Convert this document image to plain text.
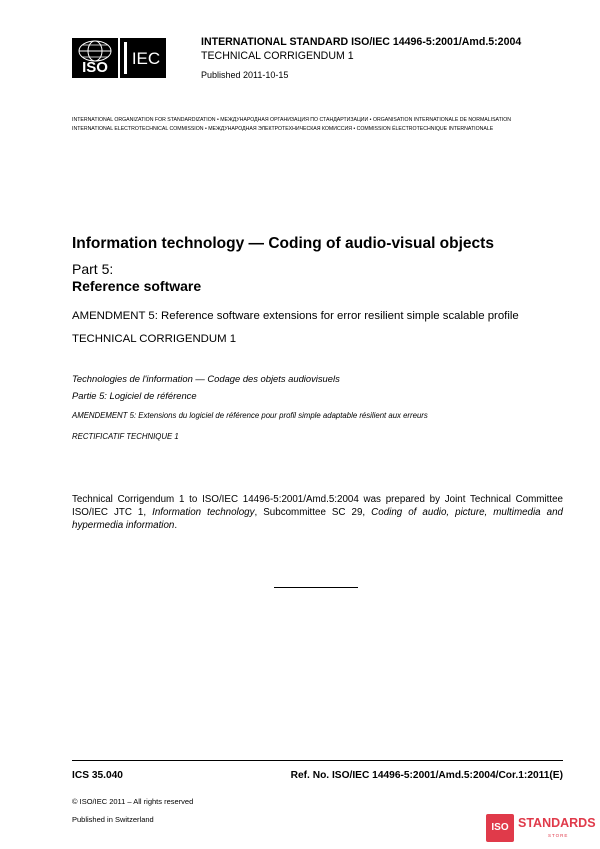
ISO	IEC
INTERNATIONAL STANDARD ISO/IEC 14496-5:2001/Amd.5:2004
TECHNICAL CORRIGENDUM 1
Published 2011-10-15
INTERNATIONAL ORGANIZATION FOR STANDARDIZATION • МЕЖДУНАРОДНАЯ ОРГАНИЗАЦИЯ ПО СТАНДАРТИЗАЦИИ • ORGANISATION INTERNATIONALE DE NORMALISATION
INTERNATIONAL ELECTROTECHNICAL COMMISSION • МЕЖДУНАРОДНАЯ ЭЛЕКТРОТЕХНИЧЕСКАЯ КОМИССИЯ • COMMISSION ÉLECTROTECHNIQUE INTERNATIONALE
Information technology — Coding of audio-visual objects
Part 5:
Reference software
AMENDMENT 5: Reference software extensions for error resilient simple scalable profile
TECHNICAL CORRIGENDUM 1
Technologies de l'information — Codage des objets audiovisuels
Partie 5: Logiciel de référence
AMENDEMENT 5: Extensions du logiciel de référence pour profil simple adaptable résilient aux erreurs
RECTIFICATIF TECHNIQUE 1
Technical Corrigendum 1 to ISO/IEC 14496-5:2001/Amd.5:2004 was prepared by Joint Technical Committee ISO/IEC JTC 1, Information technology, Subcommittee SC 29, Coding of audio, picture, multimedia and hypermedia information.
ICS 35.040	Ref. No. ISO/IEC 14496-5:2001/Amd.5:2004/Cor.1:2011(E)
© ISO/IEC 2011 – All rights reserved
Published in Switzerland
ISO STANDARDS
STORE
